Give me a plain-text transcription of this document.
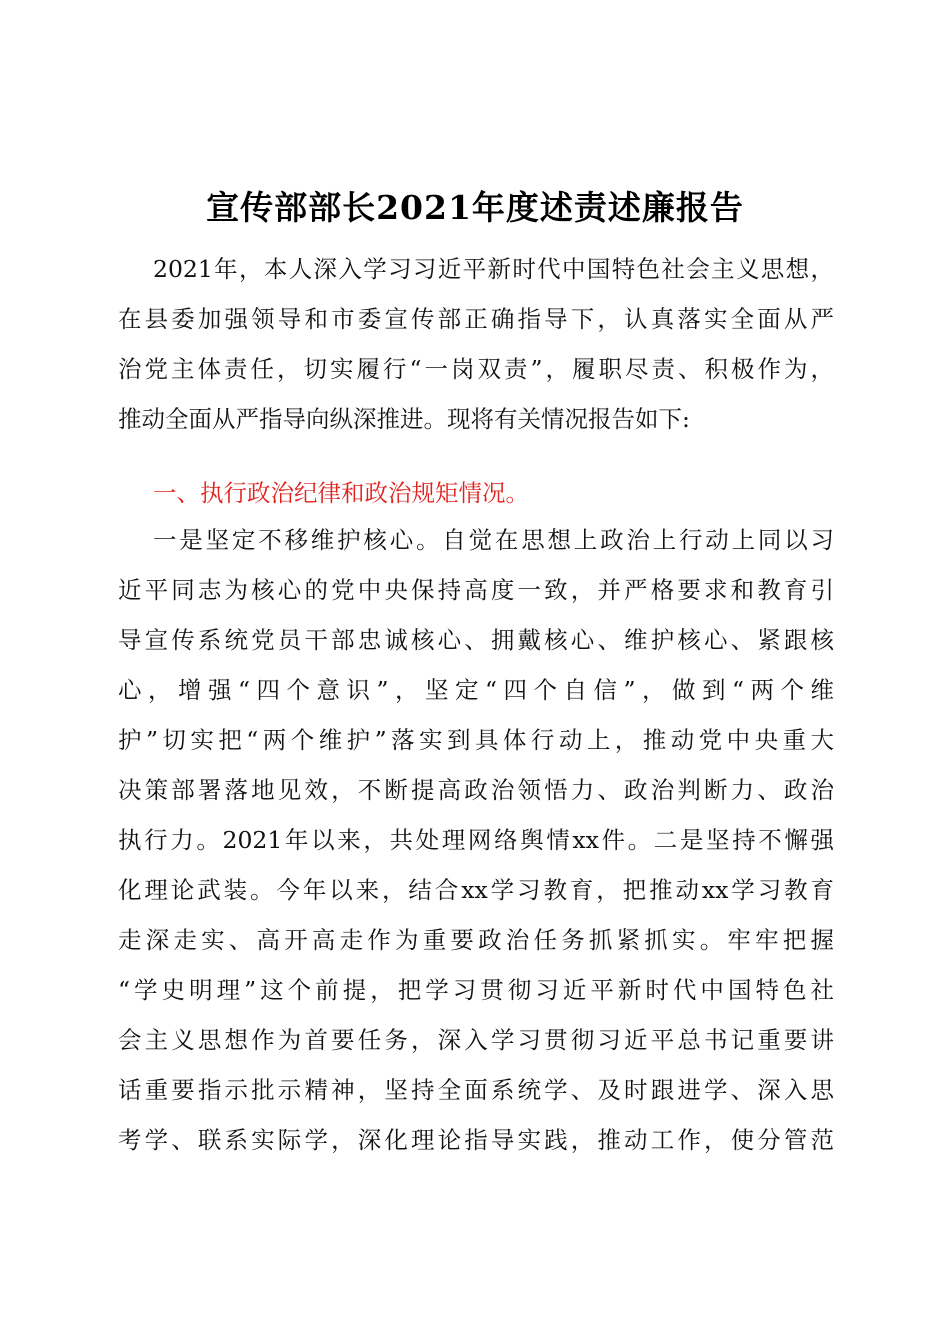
宣传部部长2021年度述责述廉报告
2021年，本人深入学习习近平新时代中国特色社会主义思想，
在县委加强领导和市委宣传部正确指导下，认真落实全面从严
治党主体责任，切实履行“一岗双责”，履职尽责、积极作为，
推动全面从严指导向纵深推进。现将有关情况报告如下:
一、执行政治纪律和政治规矩情况。
一是坚定不移维护核心。自觉在思想上政治上行动上同以习
近平同志为核心的党中央保持高度一致，并严格要求和教育引
导宣传系统党员干部忠诚核心、拥戴核心、维护核心、紧跟核
心，增强“四个意识”，坚定“四个自信”，做到“两个维
护”切实把“两个维护”落实到具体行动上，推动党中央重大
决策部署落地见效，不断提高政治领悟力、政治判断力、政治
执行力。2021年以来，共处理网络舆情xx件。二是坚持不懈强
化理论武装。今年以来，结合xx学习教育，把推动xx学习教育
走深走实、高开高走作为重要政治任务抓紧抓实。牢牢把握
“学史明理”这个前提，把学习贯彻习近平新时代中国特色社
会主义思想作为首要任务，深入学习贯彻习近平总书记重要讲
话重要指示批示精神，坚持全面系统学、及时跟进学、深入思
考学、联系实际学，深化理论指导实践，推动工作，使分管范
